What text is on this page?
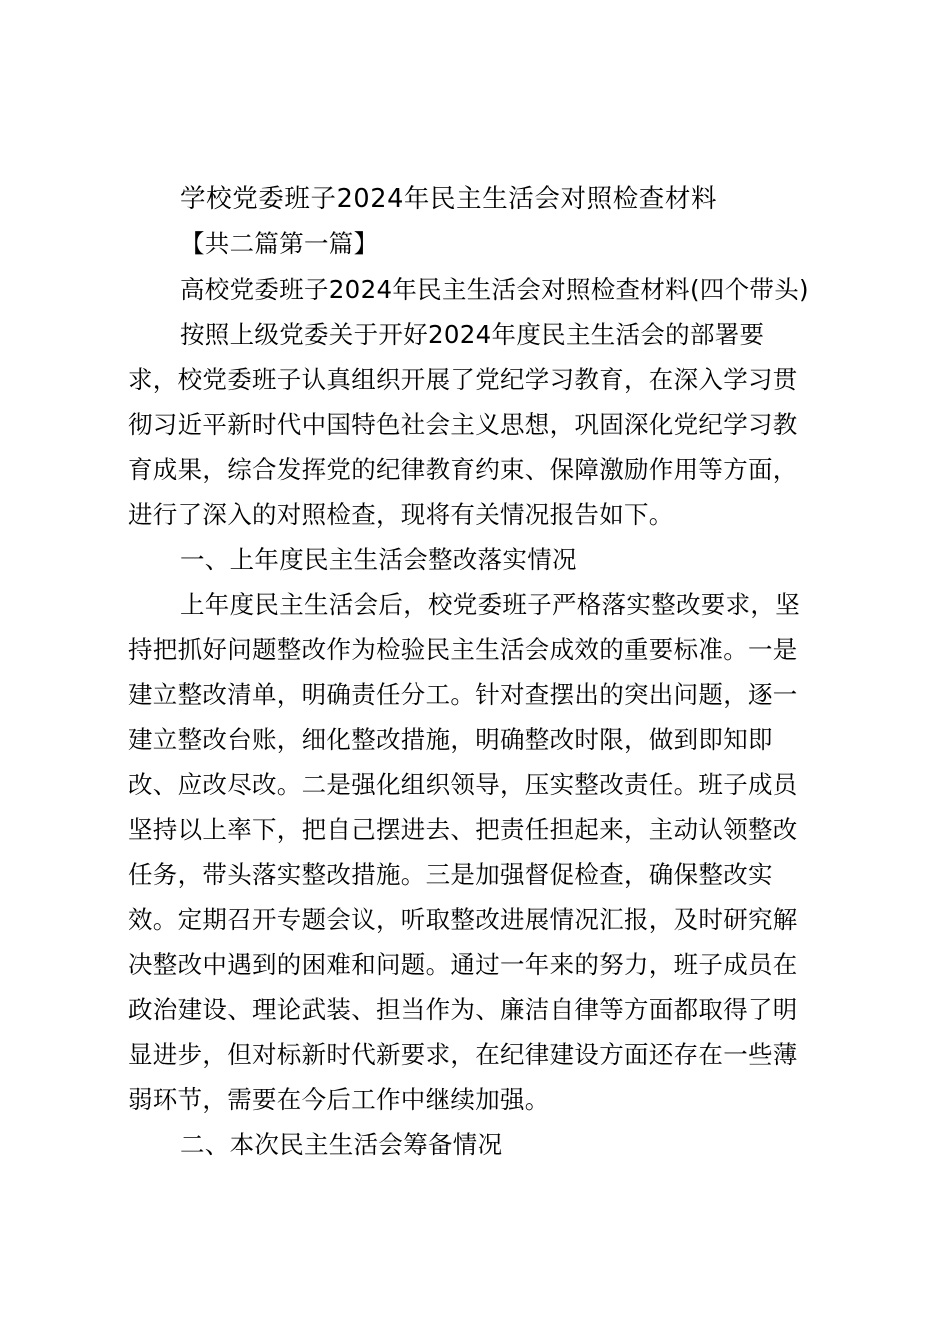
学校党委班子2024年民主生活会对照检查材料
【共二篇第一篇】
高校党委班子2024年民主生活会对照检查材料(四个带头)
按照上级党委关于开好2024年度民主生活会的部署要
求，校党委班子认真组织开展了党纪学习教育，在深入学习贯
彻习近平新时代中国特色社会主义思想，巩固深化党纪学习教
育成果，综合发挥党的纪律教育约束、保障激励作用等方面，
进行了深入的对照检查，现将有关情况报告如下。
一、上年度民主生活会整改落实情况
上年度民主生活会后，校党委班子严格落实整改要求，坚
持把抓好问题整改作为检验民主生活会成效的重要标准。一是
建立整改清单，明确责任分工。针对查摆出的突出问题，逐一
建立整改台账，细化整改措施，明确整改时限，做到即知即
改、应改尽改。二是强化组织领导，压实整改责任。班子成员
坚持以上率下，把自己摆进去、把责任担起来，主动认领整改
任务，带头落实整改措施。三是加强督促检查，确保整改实
效。定期召开专题会议，听取整改进展情况汇报，及时研究解
决整改中遇到的困难和问题。通过一年来的努力，班子成员在
政治建设、理论武装、担当作为、廉洁自律等方面都取得了明
显进步，但对标新时代新要求，在纪律建设方面还存在一些薄
弱环节，需要在今后工作中继续加强。
二、本次民主生活会筹备情况
